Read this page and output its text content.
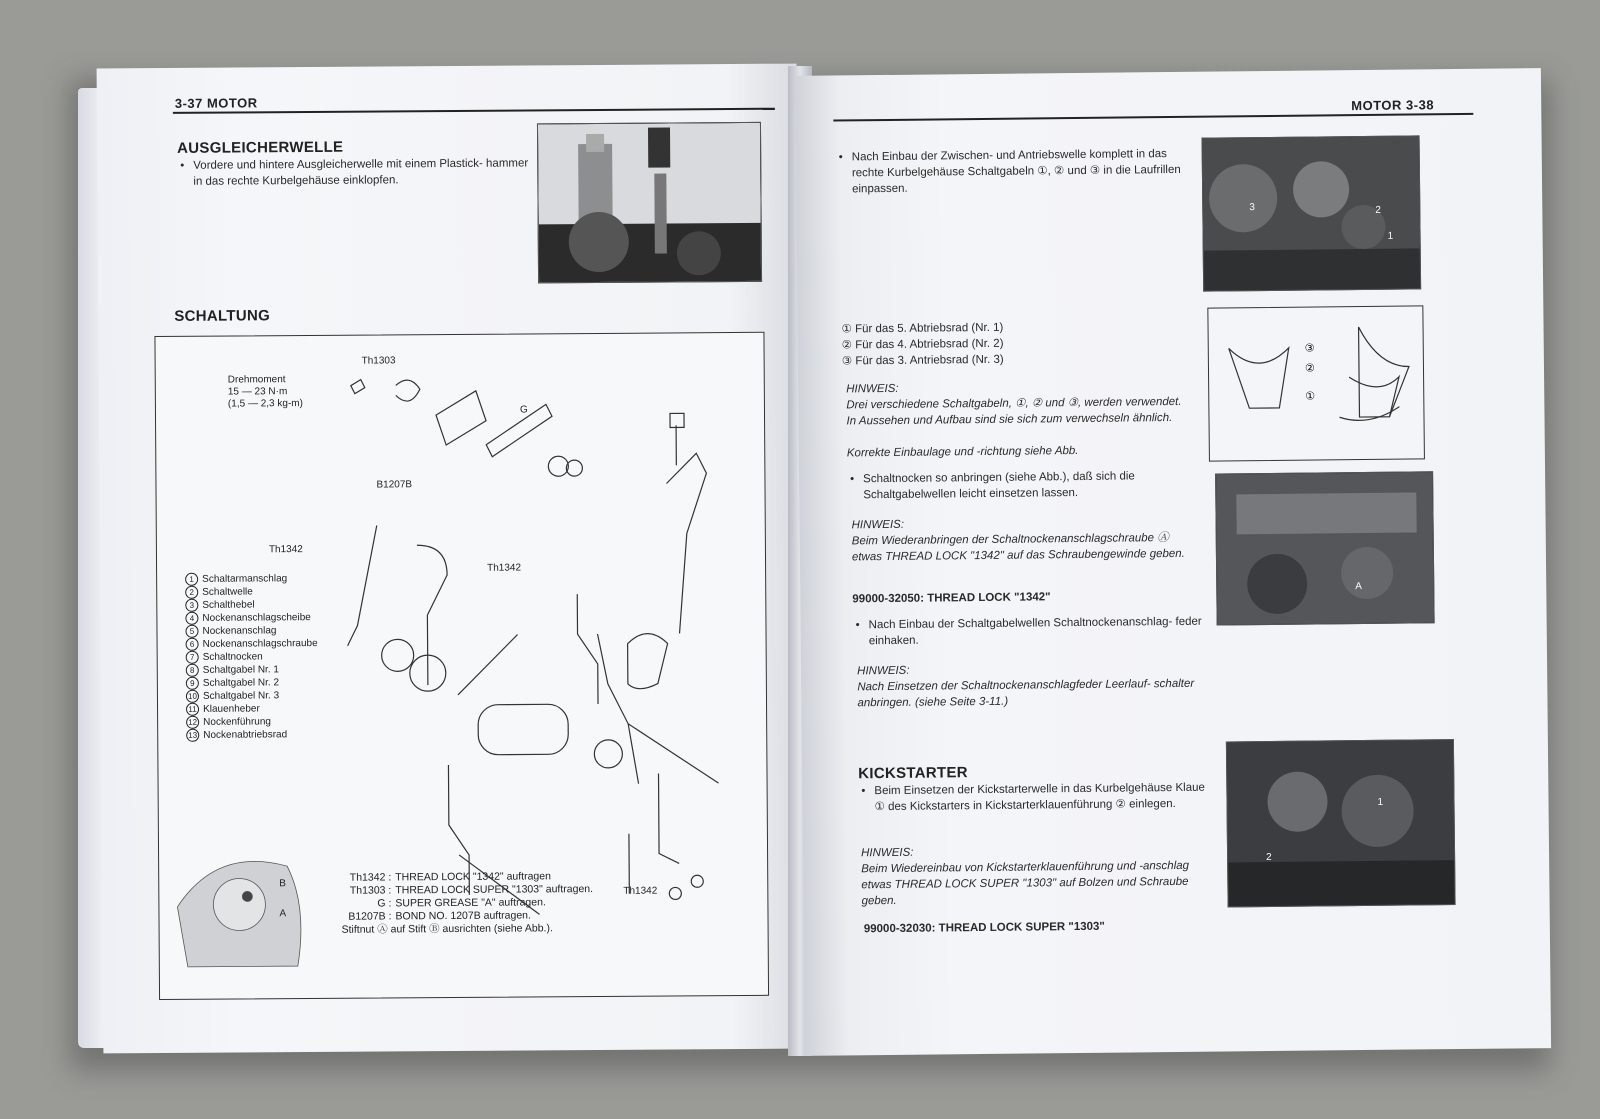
3-37 MOTOR
AUSGLEICHERWELLE
• Vordere und hintere Ausgleicherwelle mit einem Plastick- hammer in das rechte Kurbelgehäuse einklopfen.
SCHALTUNG
Th1303
Drehmoment
15 — 23 N·m
(1,5 — 2,3 kg-m)
G
B1207B
Th1342
Th1342
Th1342
B
A
1 Schaltarmanschlag
2 Schaltwelle
3 Schalthebel
4 Nockenanschlagscheibe
5 Nockenanschlag
6 Nockenanschlagschraube
7 Schaltnocken
8 Schaltgabel Nr. 1
9 Schaltgabel Nr. 2
10 Schaltgabel Nr. 3
11 Klauenheber
12 Nockenführung
13 Nockenabtriebsrad
Th1342 : THREAD LOCK "1342" auftragen
Th1303 : THREAD LOCK SUPER "1303" auftragen.
G : SUPER GREASE "A" auftragen.
B1207B : BOND NO. 1207B auftragen.
Stiftnut Ⓐ auf Stift Ⓑ ausrichten (siehe Abb.).
MOTOR 3-38
• Nach Einbau der Zwischen- und Antriebswelle komplett in das rechte Kurbelgehäuse Schaltgabeln ①, ② und ③ in die Laufrillen einpassen.
3	2
1
① Für das 5. Abtriebsrad (Nr. 1)
② Für das 4. Abtriebsrad (Nr. 2)
③ Für das 3. Antriebsrad (Nr. 3)
③
②
①
HINWEIS:
Drei verschiedene Schaltgabeln, ①, ② und ③, werden verwendet. In Aussehen und Aufbau sind sie sich zum verwechseln ähnlich.
Korrekte Einbaulage und -richtung siehe Abb.
• Schaltnocken so anbringen (siehe Abb.), daß sich die Schaltgabelwellen leicht einsetzen lassen.
A
HINWEIS:
Beim Wiederanbringen der Schaltnockenanschlagschraube Ⓐ etwas THREAD LOCK "1342" auf das Schraubengewinde geben.
99000-32050: THREAD LOCK "1342"
• Nach Einbau der Schaltgabelwellen Schaltnockenanschlag- feder einhaken.
HINWEIS:
Nach Einsetzen der Schaltnockenanschlagfeder Leerlauf- schalter anbringen. (siehe Seite 3-11.)
KICKSTARTER
• Beim Einsetzen der Kickstarterwelle in das Kurbelgehäuse Klaue ① des Kickstarters in Kickstarterklauenführung ② einlegen.	1
2
HINWEIS:
Beim Wiedereinbau von Kickstarterklauenführung und -anschlag etwas THREAD LOCK SUPER "1303" auf Bolzen und Schraube geben.
99000-32030: THREAD LOCK SUPER "1303"
